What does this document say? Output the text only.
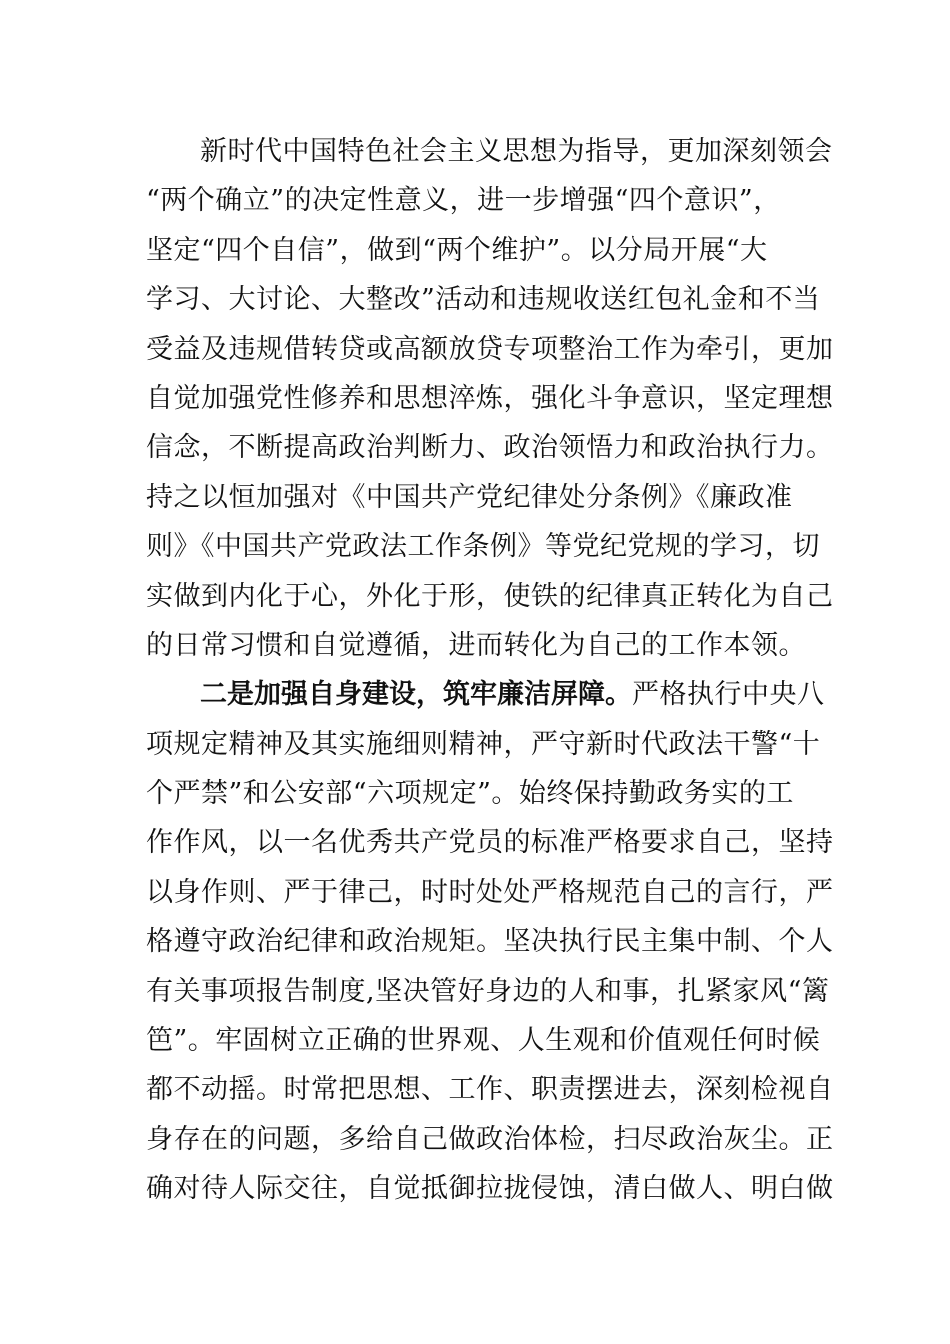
新时代中国特色社会主义思想为指导，更加深刻领会
“两个确立”的决定性意义，进一步增强“四个意识”，
坚定“四个自信”，做到“两个维护”。以分局开展“大
学习、大讨论、大整改”活动和违规收送红包礼金和不当
受益及违规借转贷或高额放贷专项整治工作为牵引，更加
自觉加强党性修养和思想淬炼，强化斗争意识，坚定理想
信念，不断提高政治判断力、政治领悟力和政治执行力。
持之以恒加强对《中国共产党纪律处分条例》《廉政准
则》《中国共产党政法工作条例》等党纪党规的学习，切
实做到内化于心，外化于形，使铁的纪律真正转化为自己
的日常习惯和自觉遵循，进而转化为自己的工作本领。
二是加强自身建设，筑牢廉洁屏障。严格执行中央八
项规定精神及其实施细则精神，严守新时代政法干警“十
个严禁”和公安部“六项规定”。始终保持勤政务实的工
作作风，以一名优秀共产党员的标准严格要求自己，坚持
以身作则、严于律己，时时处处严格规范自己的言行，严
格遵守政治纪律和政治规矩。坚决执行民主集中制、个人
有关事项报告制度,坚决管好身边的人和事，扎紧家风“篱
笆”。牢固树立正确的世界观、人生观和价值观任何时候
都不动摇。时常把思想、工作、职责摆进去，深刻检视自
身存在的问题，多给自己做政治体检，扫尽政治灰尘。正
确对待人际交往，自觉抵御拉拢侵蚀，清白做人、明白做
